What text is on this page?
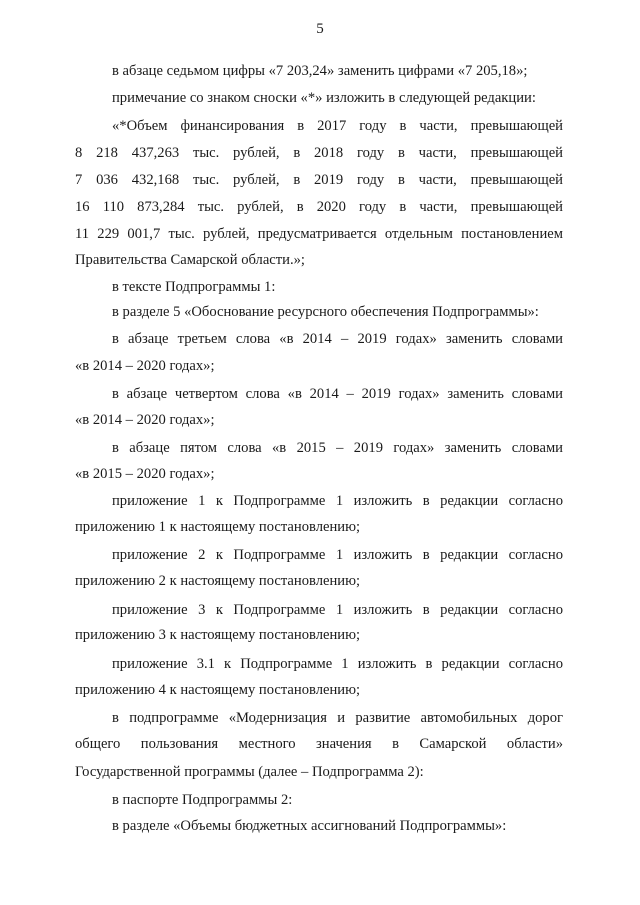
5
в абзаце седьмом цифры «7 203,24» заменить цифрами «7 205,18»;
примечание со знаком сноски «*» изложить в следующей редакции:
«*Объем финансирования в 2017 году в части, превышающей
8 218 437,263 тыс. рублей, в 2018 году в части, превышающей
7 036 432,168 тыс. рублей, в 2019 году в части, превышающей
16 110 873,284 тыс. рублей, в 2020 году в части, превышающей
11 229 001,7 тыс. рублей, предусматривается отдельным постановлением
Правительства Самарской области.»;
в тексте Подпрограммы 1:
в разделе 5 «Обоснование ресурсного обеспечения Подпрограммы»:
в абзаце третьем слова «в 2014 – 2019 годах» заменить словами
«в 2014 – 2020 годах»;
в абзаце четвертом слова «в 2014 – 2019 годах» заменить словами
«в 2014 – 2020 годах»;
в абзаце пятом слова «в 2015 – 2019 годах» заменить словами
«в 2015 – 2020 годах»;
приложение 1 к Подпрограмме 1 изложить в редакции согласно
приложению 1 к настоящему постановлению;
приложение 2 к Подпрограмме 1 изложить в редакции согласно
приложению 2 к настоящему постановлению;
приложение 3 к Подпрограмме 1 изложить в редакции согласно
приложению 3 к настоящему постановлению;
приложение 3.1 к Подпрограмме 1 изложить в редакции согласно
приложению 4 к настоящему постановлению;
в подпрограмме «Модернизация и развитие автомобильных дорог
общего пользования местного значения в Самарской области»
Государственной программы (далее – Подпрограмма 2):
в паспорте Подпрограммы 2:
в разделе «Объемы бюджетных ассигнований Подпрограммы»:
